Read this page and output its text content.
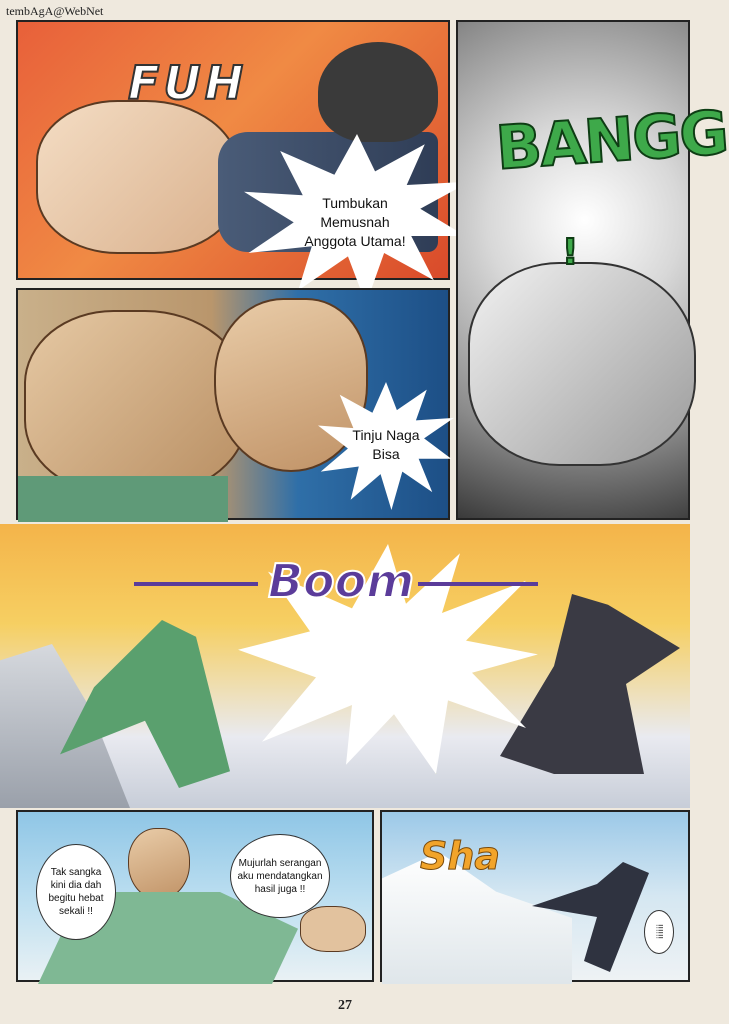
tembAgA@WebNet
FUH
Tumbukan Memusnah Anggota Utama!
BANGG
!
Tinju Naga Bisa
Boom
Tak sangka kini dia dah begitu hebat sekali !!
Mujurlah serangan aku mendatangkan hasil juga !!
Sha
!!!!!!
27
